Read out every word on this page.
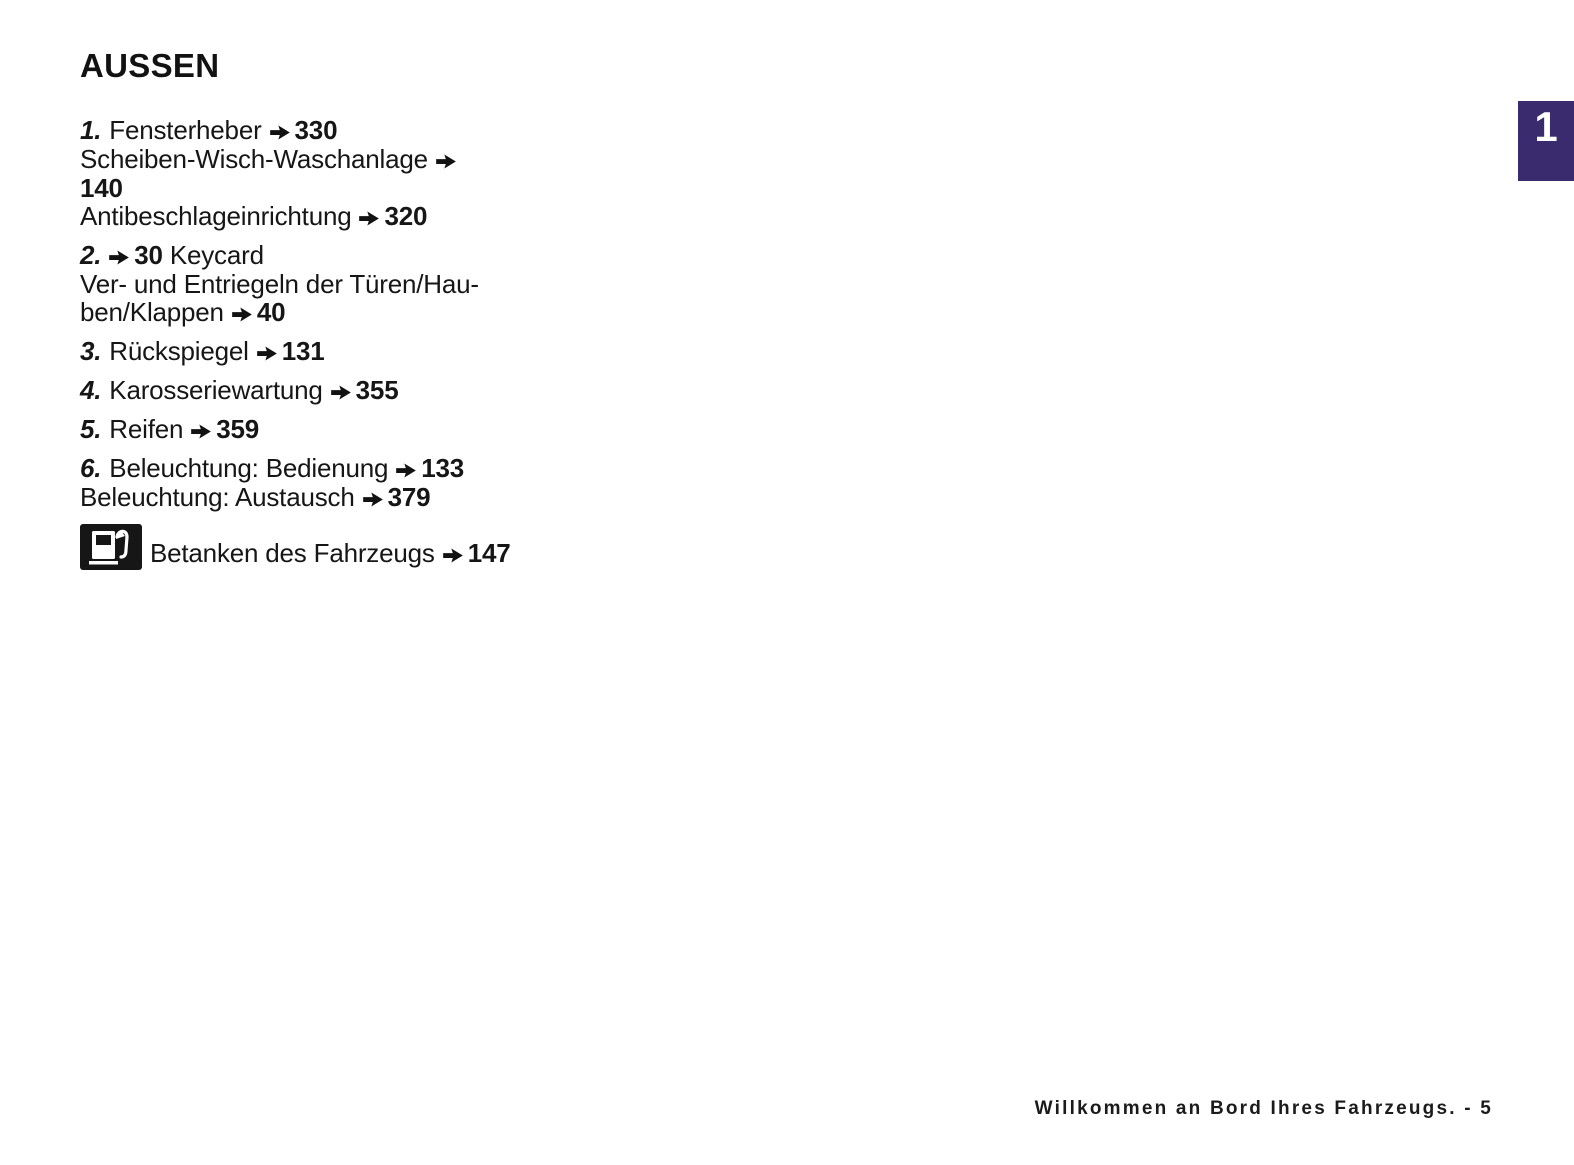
1
AUSSEN
1. Fensterheber 330
Scheiben-Wisch-Waschanlage
140
Antibeschlageinrichtung 320
2. 30 Keycard
Ver- und Entriegeln der Türen/Hau-
ben/Klappen 40
3. Rückspiegel 131
4. Karosseriewartung 355
5. Reifen 359
6. Beleuchtung: Bedienung 133
Beleuchtung: Austausch 379
Betanken des Fahrzeugs 147
Willkommen an Bord Ihres Fahrzeugs. - 5
